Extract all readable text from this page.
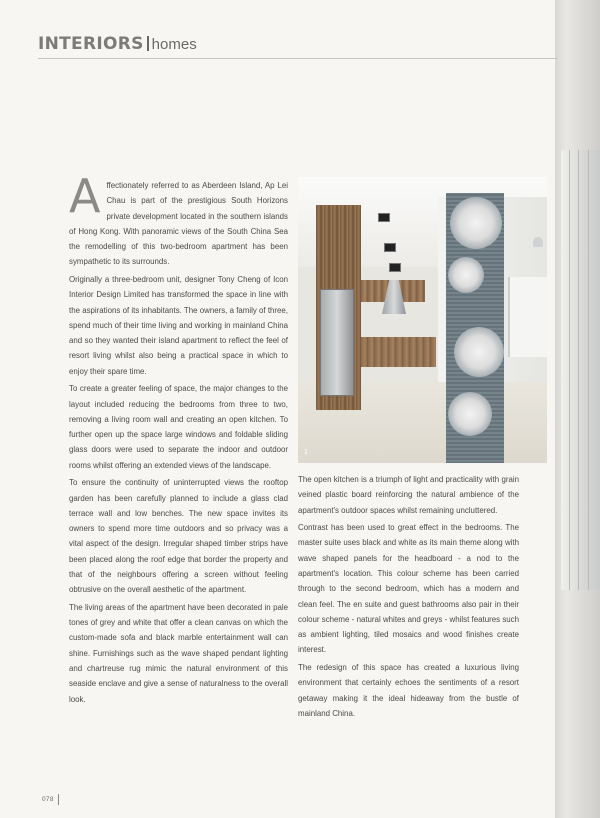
INTERIORS homes

Affectionately referred to as Aberdeen Island, Ap Lei Chau is part of the prestigious South Horizons private development located in the southern islands of Hong Kong. With panoramic views of the South China Sea the remodelling of this two-bedroom apartment has been sympathetic to its surrounds.

Originally a three-bedroom unit, designer Tony Cheng of Icon Interior Design Limited has transformed the space in line with the aspirations of its inhabitants. The owners, a family of three, spend much of their time living and working in mainland China and so they wanted their island apartment to reflect the feel of resort living whilst also being a practical space in which to enjoy their spare time.

To create a greater feeling of space, the major changes to the layout included reducing the bedrooms from three to two, removing a living room wall and creating an open kitchen. To further open up the space large windows and foldable sliding glass doors were used to separate the indoor and outdoor rooms whilst offering an extended views of the landscape.

To ensure the continuity of uninterrupted views the rooftop garden has been carefully planned to include a glass clad terrace wall and low benches. The new space invites its owners to spend more time outdoors and so privacy was a vital aspect of the design. Irregular shaped timber strips have been placed along the roof edge that border the property and that of the neighbours offering a screen without feeling obtrusive on the overall aesthetic of the apartment.

The living areas of the apartment have been decorated in pale tones of grey and white that offer a clean canvas on which the custom-made sofa and black marble entertainment wall can shine. Furnishings such as the wave shaped pendant lighting and chartreuse rug mimic the natural environment of this seaside enclave and give a sense of naturalness to the overall look.

1

The open kitchen is a triumph of light and practicality with grain veined plastic board reinforcing the natural ambience of the apartment's outdoor spaces whilst remaining uncluttered.

Contrast has been used to great effect in the bedrooms. The master suite uses black and white as its main theme along with wave shaped panels for the headboard - a nod to the apartment's location. This colour scheme has been carried through to the second bedroom, which has a modern and clean feel. The en suite and guest bathrooms also pair in their colour scheme - natural whites and greys - whilst features such as ambient lighting, tiled mosaics and wood finishes create interest.

The redesign of this space has created a luxurious living environment that certainly echoes the sentiments of a resort getaway making it the ideal hideaway from the bustle of mainland China.

078
